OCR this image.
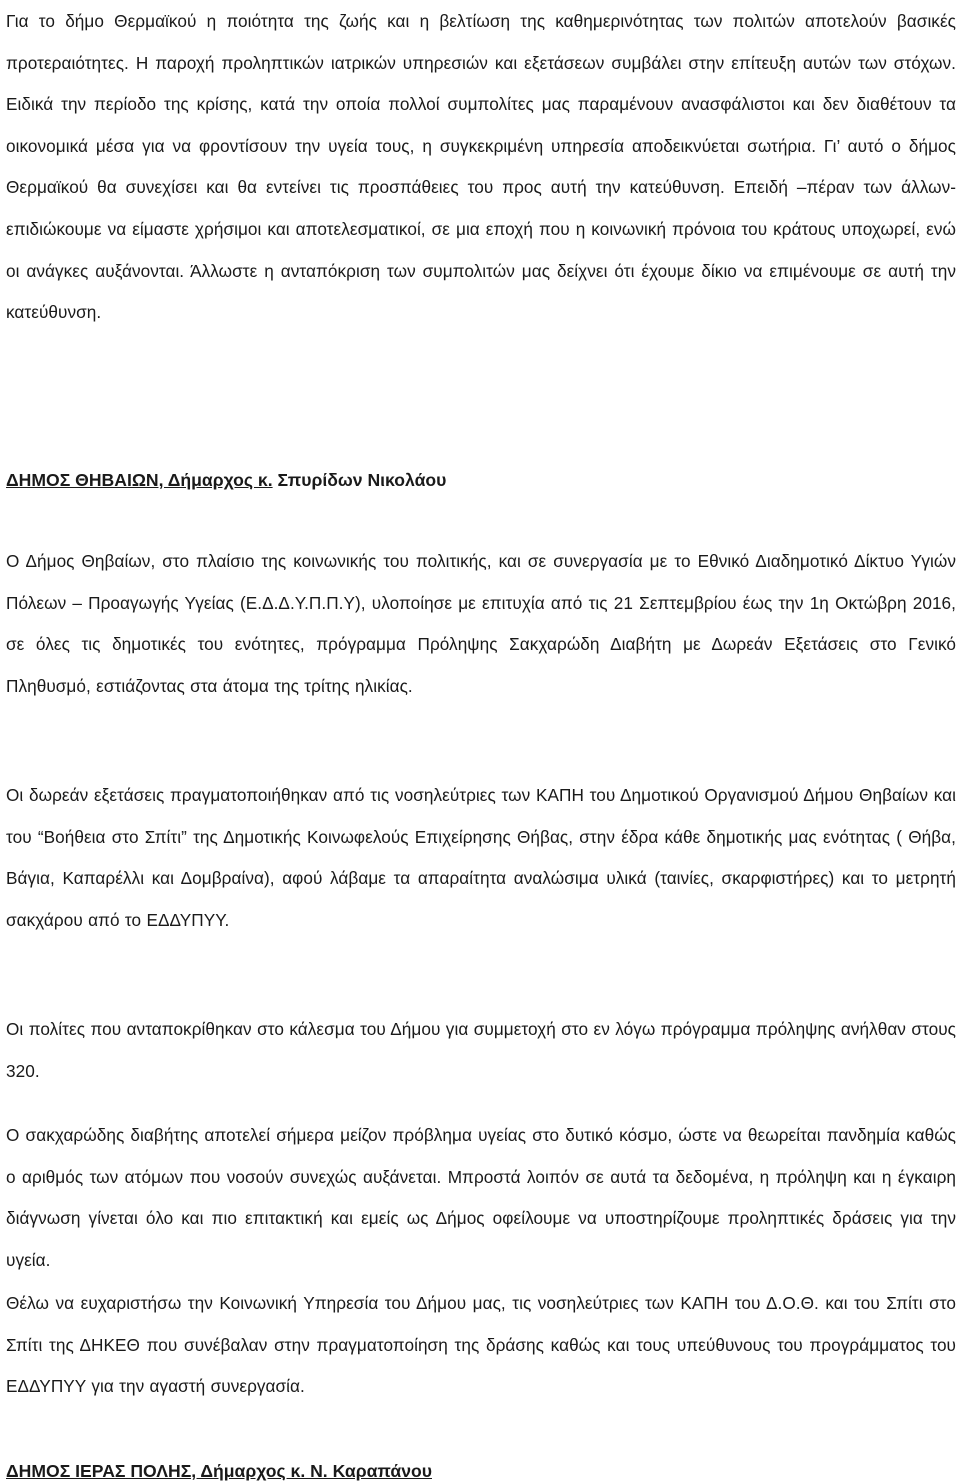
Για το δήμο Θερμαϊκού η ποιότητα της ζωής και η βελτίωση της καθημερινότητας των πολιτών αποτελούν βασικές προτεραιότητες. Η παροχή προληπτικών ιατρικών υπηρεσιών και εξετάσεων συμβάλει στην επίτευξη αυτών των στόχων. Ειδικά την περίοδο της κρίσης, κατά την οποία πολλοί συμπολίτες μας παραμένουν ανασφάλιστοι και δεν διαθέτουν τα οικονομικά μέσα για να φροντίσουν την υγεία τους, η συγκεκριμένη υπηρεσία αποδεικνύεται σωτήρια. Γι’ αυτό ο δήμος Θερμαϊκού θα συνεχίσει και θα εντείνει τις προσπάθειες του προς αυτή την κατεύθυνση. Επειδή –πέραν των άλλων- επιδιώκουμε να είμαστε χρήσιμοι και αποτελεσματικοί, σε μια εποχή που η κοινωνική πρόνοια του κράτους υποχωρεί, ενώ οι ανάγκες αυξάνονται. Άλλωστε η ανταπόκριση των συμπολιτών μας δείχνει ότι έχουμε δίκιο να επιμένουμε σε αυτή την κατεύθυνση.

ΔΗΜΟΣ ΘΗΒΑΙΩΝ, Δήμαρχος κ. Σπυρίδων Νικολάου

Ο Δήμος Θηβαίων, στο πλαίσιο της κοινωνικής του πολιτικής, και σε συνεργασία με το Εθνικό Διαδημοτικό Δίκτυο Υγιών Πόλεων – Προαγωγής Υγείας (Ε.Δ.Δ.Υ.Π.Π.Υ), υλοποίησε με επιτυχία από τις 21 Σεπτεμβρίου έως την 1η Οκτώβρη 2016, σε όλες τις δημοτικές του ενότητες, πρόγραμμα Πρόληψης Σακχαρώδη Διαβήτη με Δωρεάν Εξετάσεις στο Γενικό Πληθυσμό, εστιάζοντας στα άτομα της τρίτης ηλικίας.

Οι δωρεάν εξετάσεις πραγματοποιήθηκαν από τις νοσηλεύτριες των ΚΑΠΗ του Δημοτικού Οργανισμού Δήμου Θηβαίων και του “Βοήθεια στο Σπίτι” της Δημοτικής Κοινωφελούς Επιχείρησης Θήβας, στην έδρα κάθε δημοτικής μας ενότητας ( Θήβα, Βάγια, Καπαρέλλι και Δομβραίνα), αφού λάβαμε τα απαραίτητα αναλώσιμα υλικά (ταινίες, σκαρφιστήρες) και το μετρητή σακχάρου από το ΕΔΔΥΠΥΥ.

Οι πολίτες που ανταποκρίθηκαν στο κάλεσμα του Δήμου για συμμετοχή στο εν λόγω πρόγραμμα πρόληψης ανήλθαν στους 320.

Ο σακχαρώδης διαβήτης αποτελεί σήμερα μείζον πρόβλημα υγείας στο δυτικό κόσμο, ώστε να θεωρείται πανδημία καθώς ο αριθμός των ατόμων που νοσούν συνεχώς αυξάνεται. Μπροστά λοιπόν σε αυτά τα δεδομένα, η πρόληψη και η έγκαιρη διάγνωση γίνεται όλο και πιο επιτακτική και εμείς ως Δήμος οφείλουμε να υποστηρίζουμε προληπτικές δράσεις για την υγεία.

Θέλω να ευχαριστήσω την Κοινωνική Υπηρεσία του Δήμου μας, τις νοσηλεύτριες των ΚΑΠΗ του Δ.Ο.Θ. και του Σπίτι στο Σπίτι της ΔΗΚΕΘ που συνέβαλαν στην πραγματοποίηση της δράσης καθώς και τους υπεύθυνους του προγράμματος του ΕΔΔΥΠΥΥ για την αγαστή συνεργασία.

ΔΗΜΟΣ ΙΕΡΑΣ ΠΟΛΗΣ, Δήμαρχος κ. Ν. Καραπάνου
